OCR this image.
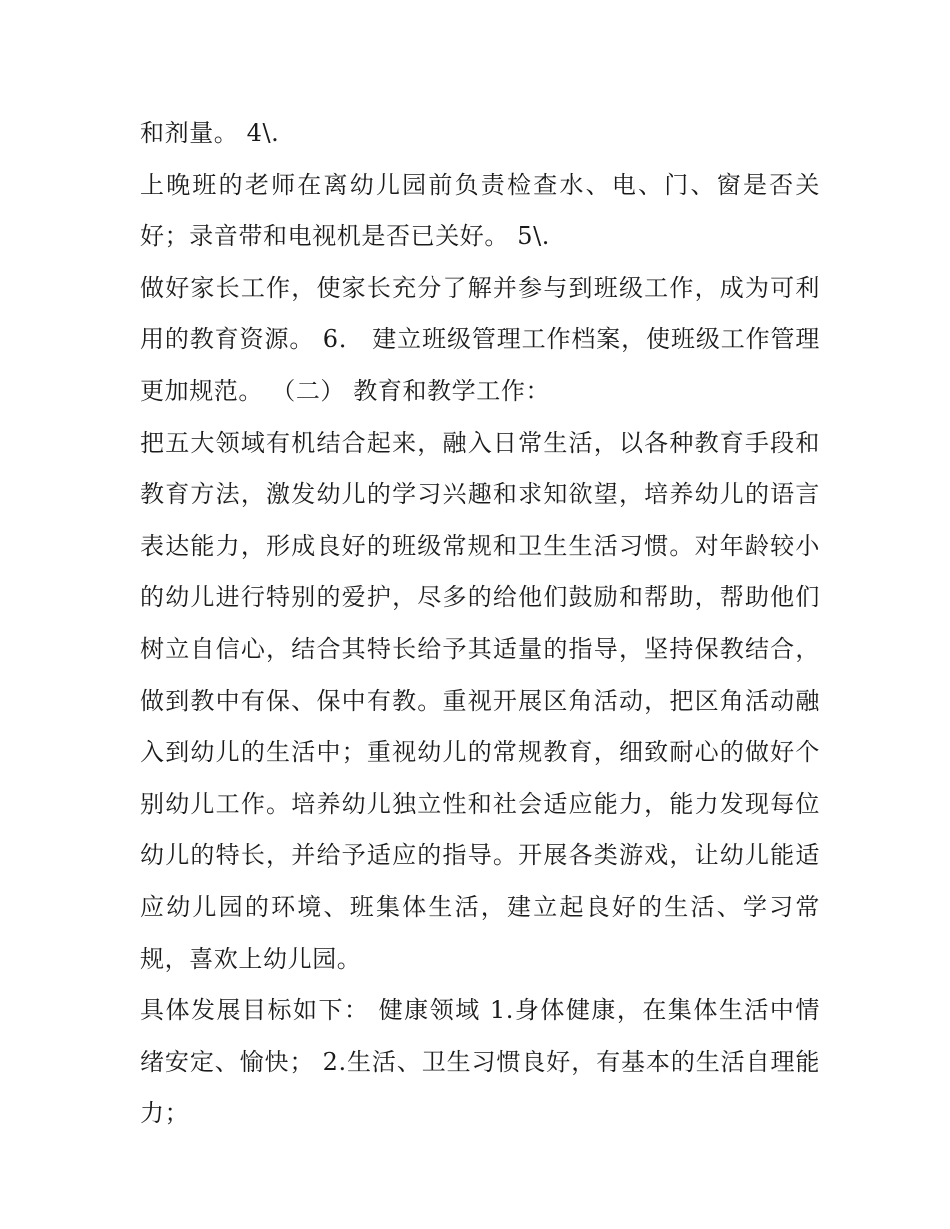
和剂量。 4\.

上晚班的老师在离幼儿园前负责检查水、电、门、窗是否关好；录音带和电视机是否已关好。 5\.

做好家长工作，使家长充分了解并参与到班级工作，成为可利用的教育资源。 6． 建立班级管理工作档案，使班级工作管理更加规范。 （二） 教育和教学工作：

把五大领域有机结合起来，融入日常生活，以各种教育手段和教育方法，激发幼儿的学习兴趣和求知欲望，培养幼儿的语言表达能力，形成良好的班级常规和卫生生活习惯。对年龄较小的幼儿进行特别的爱护，尽多的给他们鼓励和帮助，帮助他们树立自信心，结合其特长给予其适量的指导，坚持保教结合，做到教中有保、保中有教。重视开展区角活动，把区角活动融入到幼儿的生活中；重视幼儿的常规教育，细致耐心的做好个别幼儿工作。培养幼儿独立性和社会适应能力，能力发现每位幼儿的特长，并给予适应的指导。开展各类游戏，让幼儿能适应幼儿园的环境、班集体生活，建立起良好的生活、学习常规，喜欢上幼儿园。

具体发展目标如下： 健康领域 1.身体健康，在集体生活中情绪安定、愉快； 2.生活、卫生习惯良好，有基本的生活自理能力；
